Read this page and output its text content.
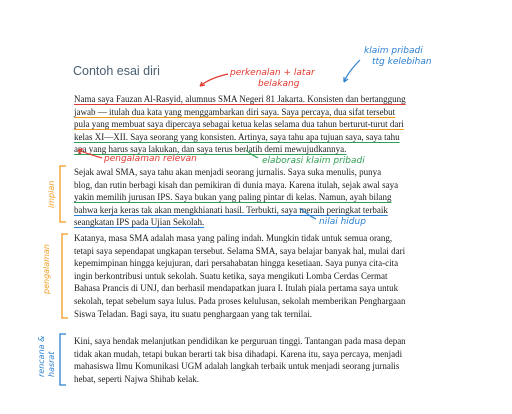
Contoh esai diri
Nama saya Fauzan Al-Rasyid, alumnus SMA Negeri 81 Jakarta. Konsisten dan bertanggung
jawab — itulah dua kata yang menggambarkan diri saya. Saya percaya, dua sifat tersebut
pula yang membuat saya dipercaya sebagai ketua kelas selama dua tahun berturut-turut dari
kelas XI—XII. Saya seorang yang konsisten. Artinya, saya tahu apa tujuan saya, saya tahu
apa yang harus saya lakukan, dan saya terus berlatih demi mewujudkannya.
Sejak awal SMA, saya tahu akan menjadi seorang jurnalis. Saya suka menulis, punya
blog, dan rutin berbagi kisah dan pemikiran di dunia maya. Karena itulah, sejak awal saya
yakin memilih jurusan IPS. Saya bukan yang paling pintar di kelas. Namun, ayah bilang
bahwa kerja keras tak akan mengkhianati hasil. Terbukti, saya meraih peringkat terbaik
seangkatan IPS pada Ujian Sekolah.
Katanya, masa SMA adalah masa yang paling indah. Mungkin tidak untuk semua orang,
tetapi saya sependapat ungkapan tersebut. Selama SMA, saya belajar banyak hal, mulai dari
kepemimpinan hingga kejujuran, dari persahabatan hingga kesetiaan. Saya punya cita-cita
ingin berkontribusi untuk sekolah. Suatu ketika, saya mengikuti Lomba Cerdas Cermat
Bahasa Prancis di UNJ, dan berhasil mendapatkan juara I. Itulah piala pertama saya untuk
sekolah, tepat sebelum saya lulus. Pada proses kelulusan, sekolah memberikan Penghargaan
Siswa Teladan. Bagi saya, itu suatu penghargaan yang tak ternilai.
Kini, saya hendak melanjutkan pendidikan ke perguruan tinggi. Tantangan pada masa depan
tidak akan mudah, tetapi bukan berarti tak bisa dihadapi. Karena itu, saya percaya, menjadi
mahasiswa Ilmu Komunikasi UGM adalah langkah terbaik untuk menjadi seorang jurnalis
hebat, seperti Najwa Shihab kelak.
perkenalan + latar
belakang
klaim pribadi
ttg kelebihan
pengalaman relevan	elaborasi klaim pribadi
nilai hidup
impian
pengalaman
rencana & hasrat
